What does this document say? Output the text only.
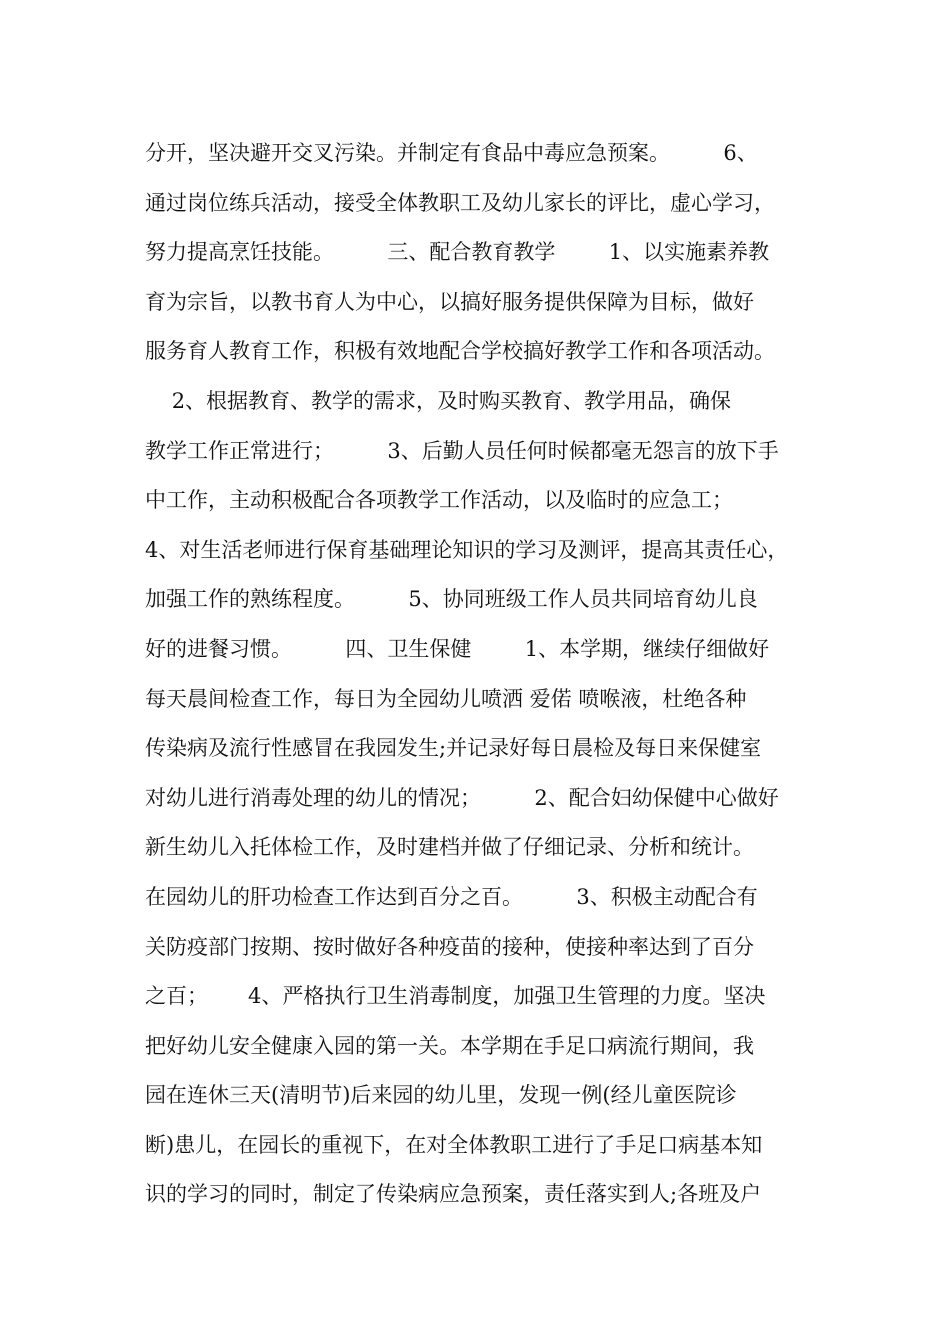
分开，坚决避开交叉污染。并制定有食品中毒应急预案。        6、
通过岗位练兵活动，接受全体教职工及幼儿家长的评比，虚心学习，
努力提高烹饪技能。        三、配合教育教学        1、以实施素养教
育为宗旨，以教书育人为中心，以搞好服务提供保障为目标，做好
服务育人教育工作，积极有效地配合学校搞好教学工作和各项活动。
2、根据教育、教学的需求，及时购买教育、教学用品，确保
教学工作正常进行；        3、后勤人员任何时候都毫无怨言的放下手
中工作，主动积极配合各项教学工作活动，以及临时的应急工；
4、对生活老师进行保育基础理论知识的学习及测评，提高其责任心，
加强工作的熟练程度。        5、协同班级工作人员共同培育幼儿良
好的进餐习惯。        四、卫生保健        1、本学期，继续仔细做好
每天晨间检查工作，每日为全园幼儿喷洒 爱偌 喷喉液，杜绝各种
传染病及流行性感冒在我园发生;并记录好每日晨检及每日来保健室
对幼儿进行消毒处理的幼儿的情况；        2、配合妇幼保健中心做好
新生幼儿入托体检工作，及时建档并做了仔细记录、分析和统计。
在园幼儿的肝功检查工作达到百分之百。        3、积极主动配合有
关防疫部门按期、按时做好各种疫苗的接种，使接种率达到了百分
之百；      4、严格执行卫生消毒制度，加强卫生管理的力度。坚决
把好幼儿安全健康入园的第一关。本学期在手足口病流行期间，我
园在连休三天(清明节)后来园的幼儿里，发现一例(经儿童医院诊
断)患儿，在园长的重视下，在对全体教职工进行了手足口病基本知
识的学习的同时，制定了传染病应急预案，责任落实到人;各班及户
